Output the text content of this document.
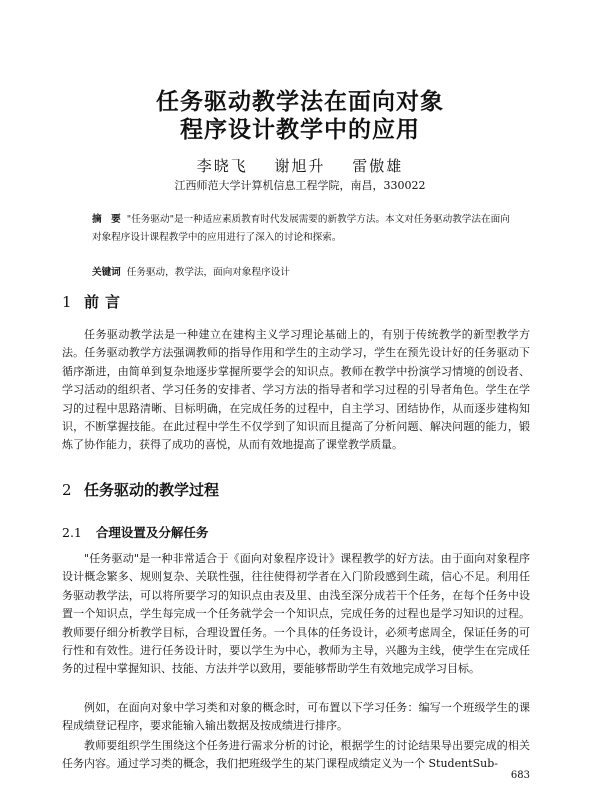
任务驱动教学法在面向对象
程序设计教学中的应用
李晓飞 谢旭升 雷傲雄
江西师范大学计算机信息工程学院，南昌，330022
摘　要 "任务驱动"是一种适应素质教育时代发展需要的新教学方法。本文对任务驱动教学法在面向对象程序设计课程教学中的应用进行了深入的讨论和探索。
关键词 任务驱动，教学法，面向对象程序设计
1 前言

任务驱动教学法是一种建立在建构主义学习理论基础上的，有别于传统教学的新型教学方法。任务驱动教学方法强调教师的指导作用和学生的主动学习，学生在预先设计好的任务驱动下循序渐进，由简单到复杂地逐步掌握所要学会的知识点。教师在教学中扮演学习情境的创设者、学习活动的组织者、学习任务的安排者、学习方法的指导者和学习过程的引导者角色。学生在学习的过程中思路清晰、目标明确，在完成任务的过程中，自主学习、团结协作，从而逐步建构知识，不断掌握技能。在此过程中学生不仅学到了知识而且提高了分析问题、解决问题的能力，锻炼了协作能力，获得了成功的喜悦，从而有效地提高了课堂教学质量。

2 任务驱动的教学过程
2.1 合理设置及分解任务

"任务驱动"是一种非常适合于《面向对象程序设计》课程教学的好方法。由于面向对象程序设计概念繁多、规则复杂、关联性强，往往使得初学者在入门阶段感到生疏，信心不足。利用任务驱动教学法，可以将所要学习的知识点由表及里、由浅至深分成若干个任务，在每个任务中设置一个知识点，学生每完成一个任务就学会一个知识点，完成任务的过程也是学习知识的过程。教师要仔细分析教学目标，合理设置任务。一个具体的任务设计，必须考虑周全，保证任务的可行性和有效性。进行任务设计时，要以学生为中心，教师为主导，兴趣为主线，使学生在完成任务的过程中掌握知识、技能、方法并学以致用，要能够帮助学生有效地完成学习目标。

例如，在面向对象中学习类和对象的概念时，可布置以下学习任务：编写一个班级学生的课程成绩登记程序，要求能输入输出数据及按成绩进行排序。

教师要组织学生围绕这个任务进行需求分析的讨论，根据学生的讨论结果导出要完成的相关任务内容。通过学习类的概念，我们把班级学生的某门课程成绩定义为一个 StudentSub-

683
